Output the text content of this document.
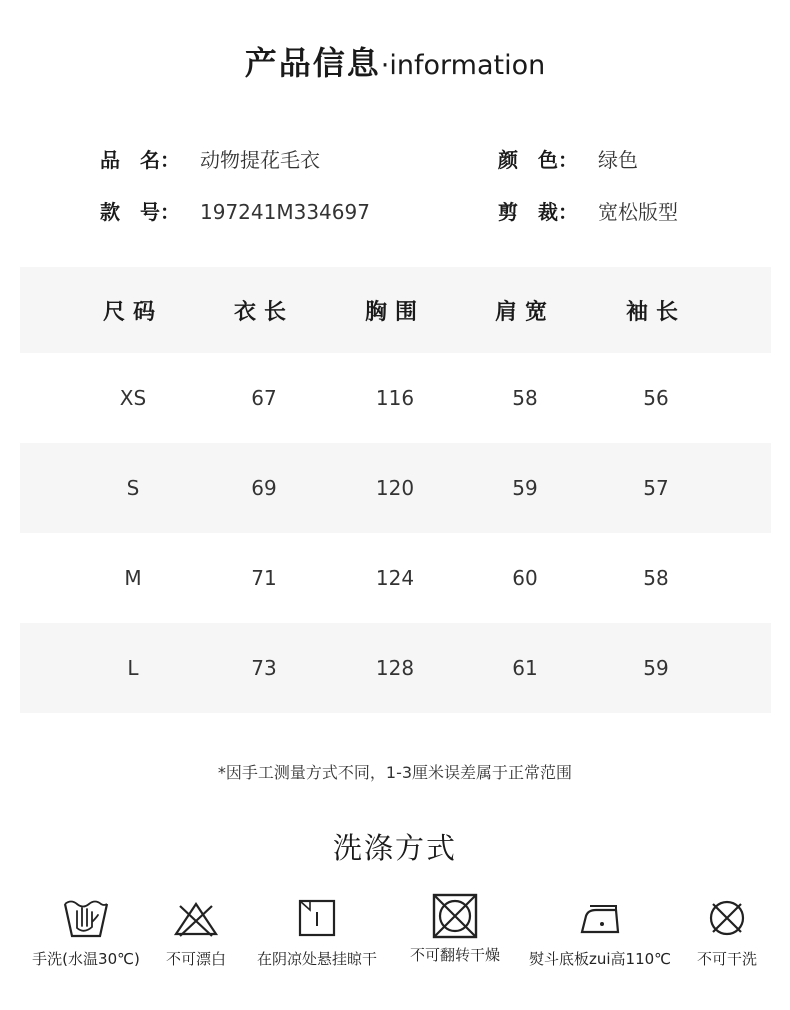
产品信息·information
品　名： 动物提花毛衣
款　号： 197241M334697
颜　色： 绿色
剪　裁： 宽松版型
尺码	衣长	胸围	肩宽	袖长
XS	67	116	58	56
S	69	120	59	57
M	71	124	60	58
L	73	128	61	59
*因手工测量方式不同，1-3厘米误差属于正常范围
洗涤方式
手洗(水温30℃)	不可漂白	在阴凉处悬挂晾干	不可翻转干燥	熨斗底板zui高110℃	不可干洗
